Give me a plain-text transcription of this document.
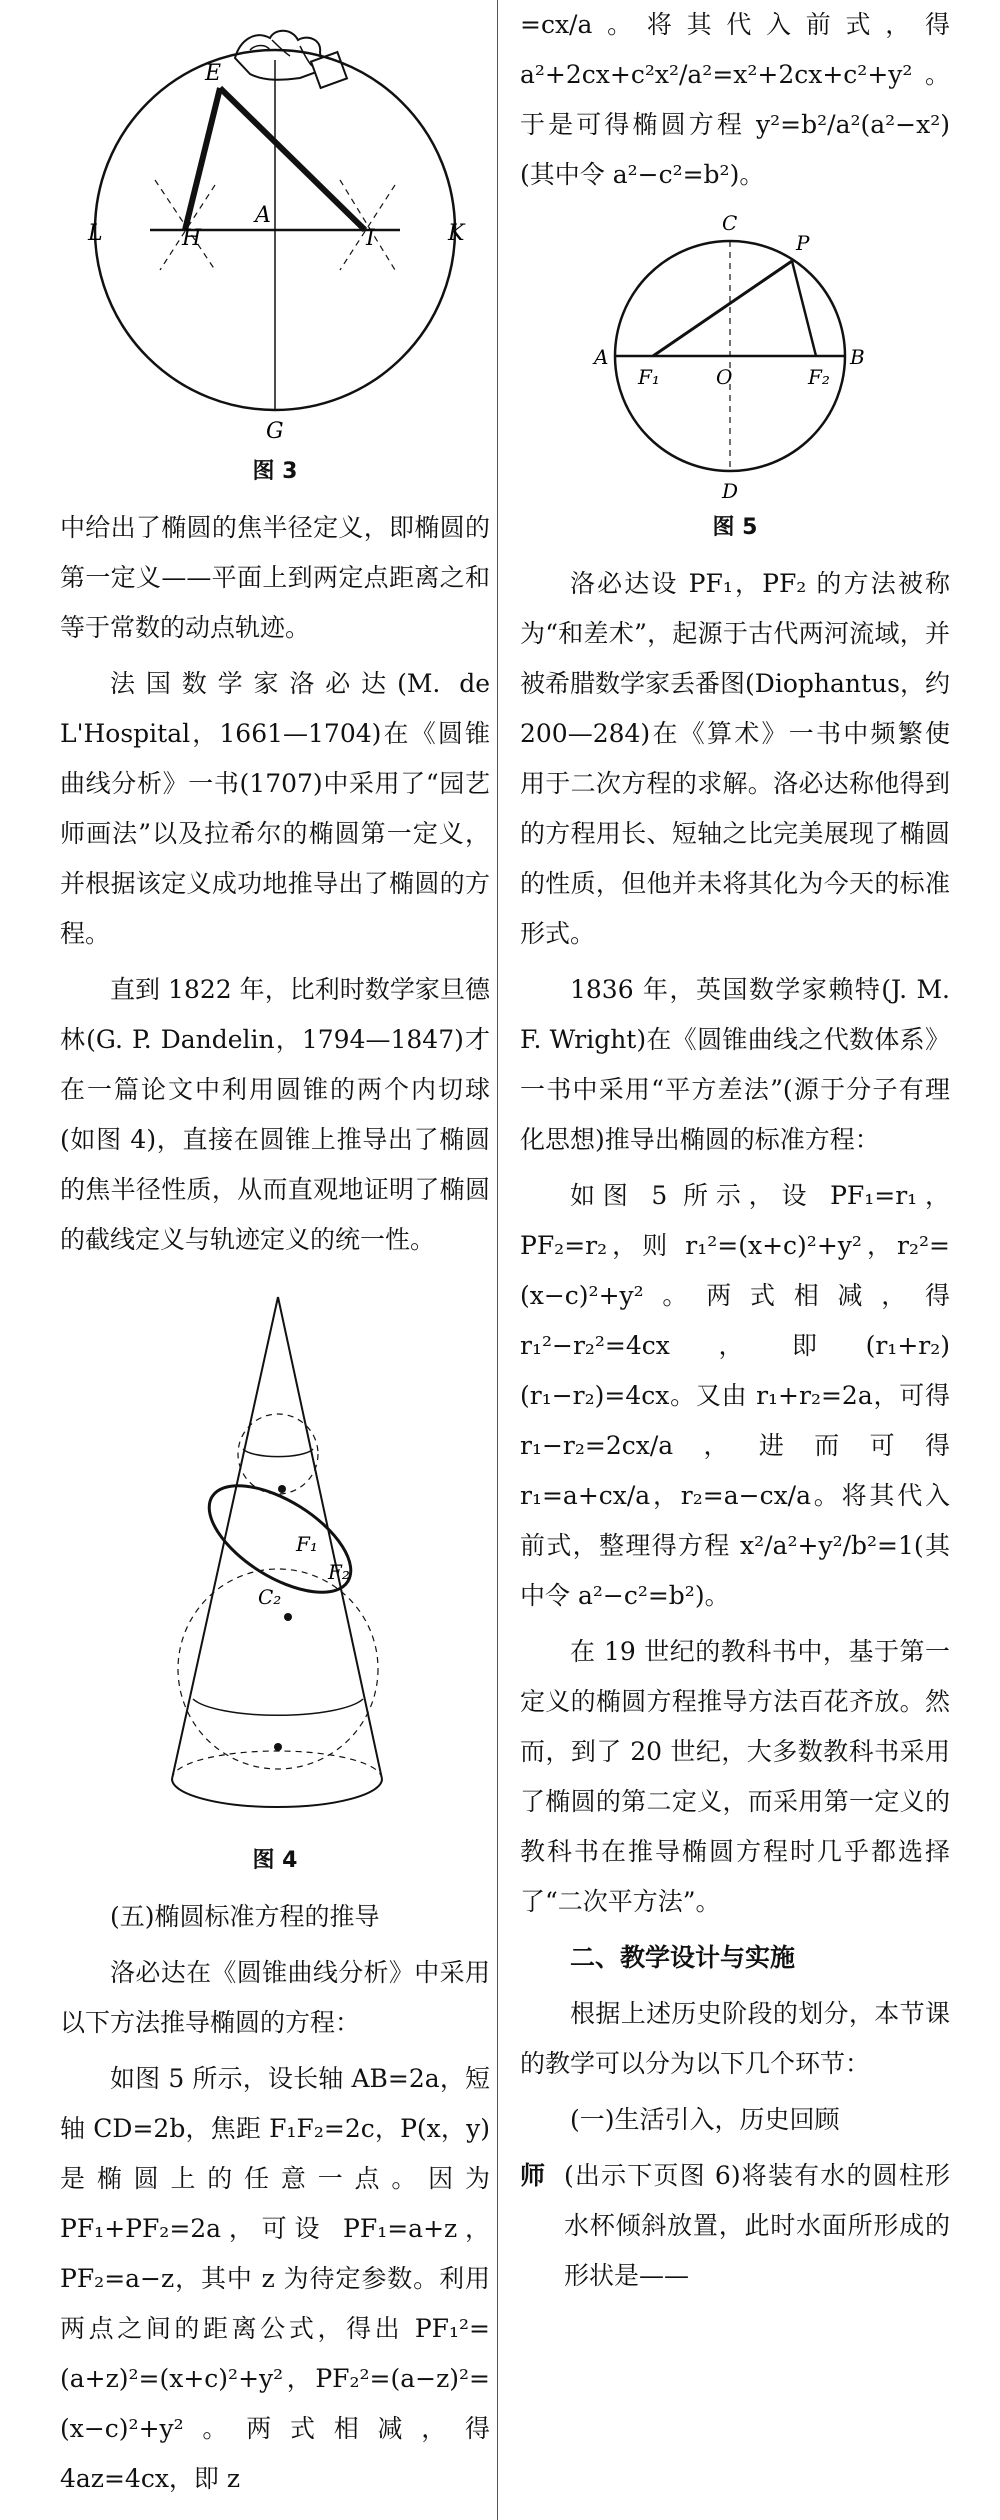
E
L	H
A
I	K
G
图 3

中给出了椭圆的焦半径定义，即椭圆的第一定义——平面上到两定点距离之和等于常数的动点轨迹。

法国数学家洛必达(M. de L'Hospital，1661—1704)在《圆锥曲线分析》一书(1707)中采用了“园艺师画法”以及拉希尔的椭圆第一定义，并根据该定义成功地推导出了椭圆的方程。

直到 1822 年，比利时数学家旦德林(G. P. Dandelin，1794—1847)才在一篇论文中利用圆锥的两个内切球(如图 4)，直接在圆锥上推导出了椭圆的焦半径性质，从而直观地证明了椭圆的截线定义与轨迹定义的统一性。

F₁
F₂
C₂
图 4

(五)椭圆标准方程的推导

洛必达在《圆锥曲线分析》中采用以下方法推导椭圆的方程：

如图 5 所示，设长轴 AB=2a，短轴 CD=2b，焦距 F₁F₂=2c，P(x，y)是椭圆上的任意一点。因为 PF₁+PF₂=2a，可设 PF₁=a+z，PF₂=a−z，其中 z 为待定参数。利用两点之间的距离公式，得出 PF₁²=(a+z)²=(x+c)²+y²，PF₂²=(a−z)²=(x−c)²+y²。两式相减，得 4az=4cx，即 z

=cx/a。将其代入前式，得 a²+2cx+c²x²/a²=x²+2cx+c²+y²。于是可得椭圆方程 y²=b²/a²(a²−x²)(其中令 a²−c²=b²)。

C
P
A	B
F₁	O	F₂
D
图 5

洛必达设 PF₁，PF₂ 的方法被称为“和差术”，起源于古代两河流域，并被希腊数学家丢番图(Diophantus，约 200—284)在《算术》一书中频繁使用于二次方程的求解。洛必达称他得到的方程用长、短轴之比完美展现了椭圆的性质，但他并未将其化为今天的标准形式。

1836 年，英国数学家赖特(J. M. F. Wright)在《圆锥曲线之代数体系》一书中采用“平方差法”(源于分子有理化思想)推导出椭圆的标准方程：

如图 5 所示，设 PF₁=r₁，PF₂=r₂，则 r₁²=(x+c)²+y²，r₂²=(x−c)²+y²。两式相减，得 r₁²−r₂²=4cx，即(r₁+r₂)(r₁−r₂)=4cx。又由 r₁+r₂=2a，可得 r₁−r₂=2cx/a，进而可得 r₁=a+cx/a，r₂=a−cx/a。将其代入前式，整理得方程 x²/a²+y²/b²=1(其中令 a²−c²=b²)。

在 19 世纪的教科书中，基于第一定义的椭圆方程推导方法百花齐放。然而，到了 20 世纪，大多数教科书采用了椭圆的第二定义，而采用第一定义的教科书在推导椭圆方程时几乎都选择了“二次平方法”。

二、教学设计与实施

根据上述历史阶段的划分，本节课的教学可以分为以下几个环节：

(一)生活引入，历史回顾

师 (出示下页图 6)将装有水的圆柱形水杯倾斜放置，此时水面所形成的形状是——
